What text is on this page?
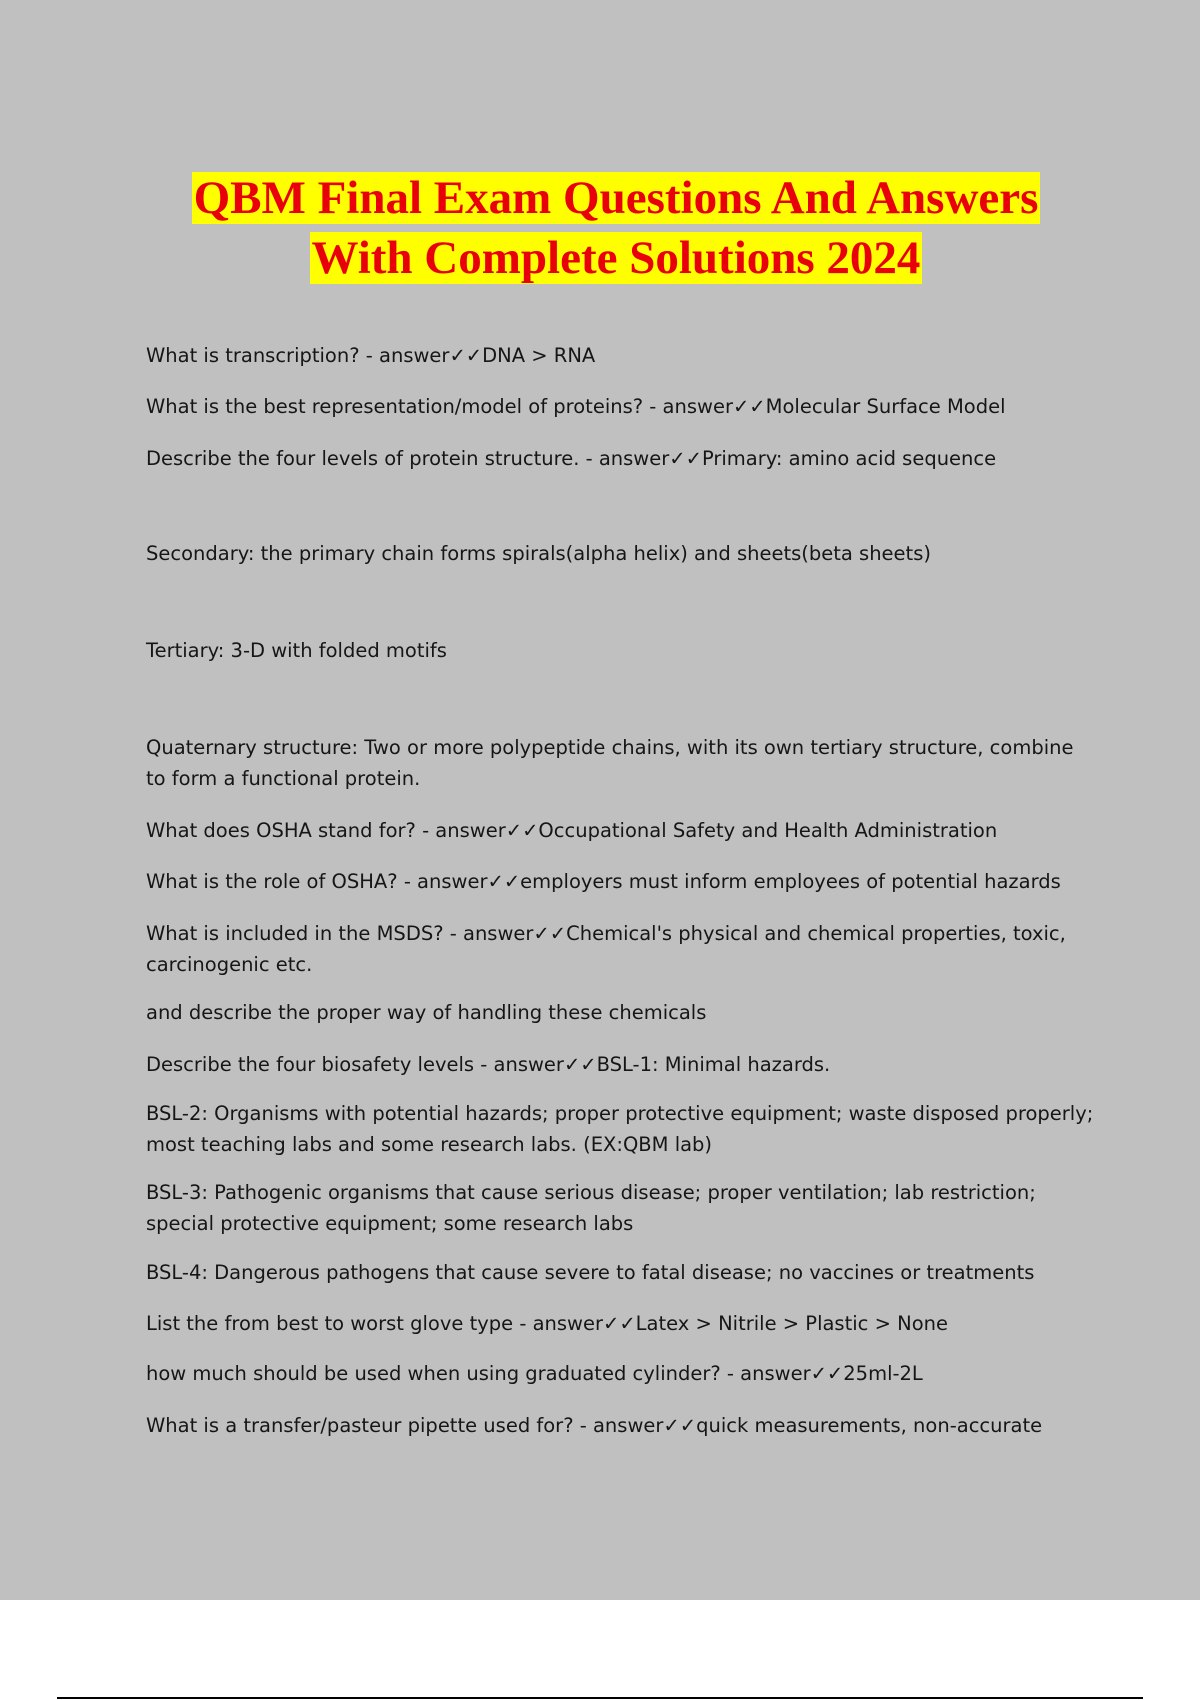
QBM Final Exam Questions And Answers
With Complete Solutions 2024

What is transcription? - answer✓✓DNA > RNA

What is the best representation/model of proteins? - answer✓✓Molecular Surface Model

Describe the four levels of protein structure. - answer✓✓Primary: amino acid sequence

Secondary: the primary chain forms spirals(alpha helix) and sheets(beta sheets)

Tertiary: 3-D with folded motifs

Quaternary structure: Two or more polypeptide chains, with its own tertiary structure, combine to form a functional protein.

What does OSHA stand for? - answer✓✓Occupational Safety and Health Administration

What is the role of OSHA? - answer✓✓employers must inform employees of potential hazards

What is included in the MSDS? - answer✓✓Chemical's physical and chemical properties, toxic, carcinogenic etc.

and describe the proper way of handling these chemicals

Describe the four biosafety levels - answer✓✓BSL-1: Minimal hazards.

BSL-2: Organisms with potential hazards; proper protective equipment; waste disposed properly; most teaching labs and some research labs. (EX:QBM lab)

BSL-3: Pathogenic organisms that cause serious disease; proper ventilation; lab restriction; special protective equipment; some research labs

BSL-4: Dangerous pathogens that cause severe to fatal disease; no vaccines or treatments

List the from best to worst glove type - answer✓✓Latex > Nitrile > Plastic > None

how much should be used when using graduated cylinder? - answer✓✓25ml-2L

What is a transfer/pasteur pipette used for? - answer✓✓quick measurements, non-accurate
